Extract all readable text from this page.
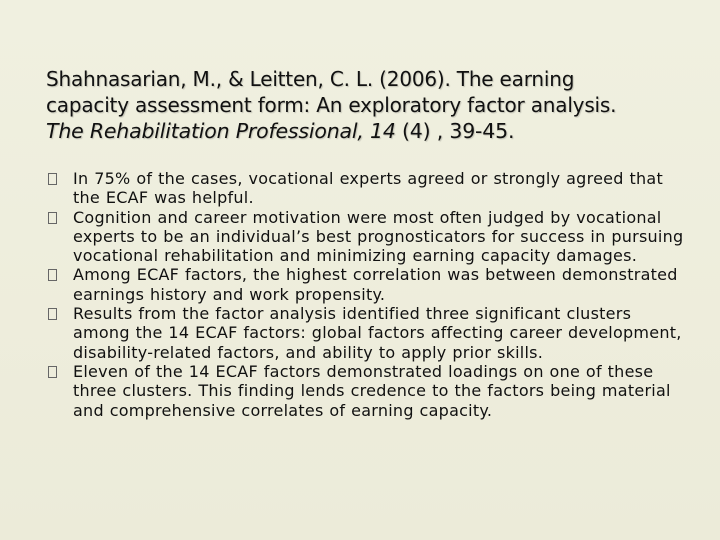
Shahnasarian, M., & Leitten, C. L. (2006). The earning
capacity assessment form: An exploratory factor analysis.
The Rehabilitation Professional, 14 (4) , 39-45.
In 75% of the cases, vocational experts agreed or strongly agreed that the ECAF was helpful.
Cognition and career motivation were most often judged by vocational experts to be an individual’s best prognosticators for success in pursuing vocational rehabilitation and minimizing earning capacity damages.
Among ECAF factors, the highest correlation was between demonstrated earnings history and work propensity.
Results from the factor analysis identified three significant clusters among the 14 ECAF factors: global factors affecting career development, disability-related factors, and ability to apply prior skills.
Eleven of the 14 ECAF factors demonstrated loadings on one of these three clusters. This finding lends credence to the factors being material and comprehensive correlates of earning capacity.
